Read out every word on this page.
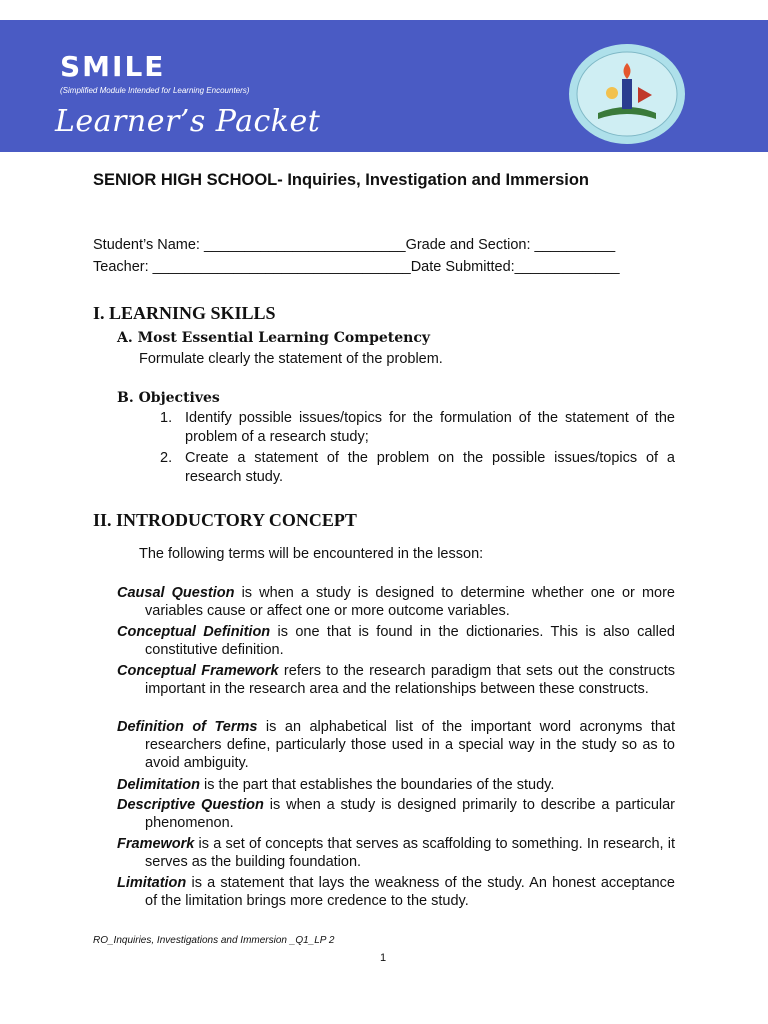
SMILE
(Simplified Module Intended for Learning Encounters)
Learner’s Packet
SENIOR HIGH SCHOOL- Inquiries, Investigation and Immersion
Student’s Name: _________________________Grade and Section: __________
Teacher: ________________________________Date Submitted:_____________
I. LEARNING SKILLS
A. Most Essential Learning Competency
Formulate clearly the statement of the problem.
B. Objectives
1. Identify possible issues/topics for the formulation of the statement of the problem of a research study;
2. Create a statement of the problem on the possible issues/topics of a research study.
II. INTRODUCTORY CONCEPT
The following terms will be encountered in the lesson:
Causal Question is when a study is designed to determine whether one or more variables cause or affect one or more outcome variables.
Conceptual Definition is one that is found in the dictionaries. This is also called constitutive definition.
Conceptual Framework refers to the research paradigm that sets out the constructs important in the research area and the relationships between these constructs.
Definition of Terms is an alphabetical list of the important word acronyms that researchers define, particularly those used in a special way in the study so as to avoid ambiguity.
Delimitation is the part that establishes the boundaries of the study.
Descriptive Question is when a study is designed primarily to describe a particular phenomenon.
Framework is a set of concepts that serves as scaffolding to something. In research, it serves as the building foundation.
Limitation is a statement that lays the weakness of the study. An honest acceptance of the limitation brings more credence to the study.
RO_Inquiries, Investigations and Immersion _Q1_LP 2
1
